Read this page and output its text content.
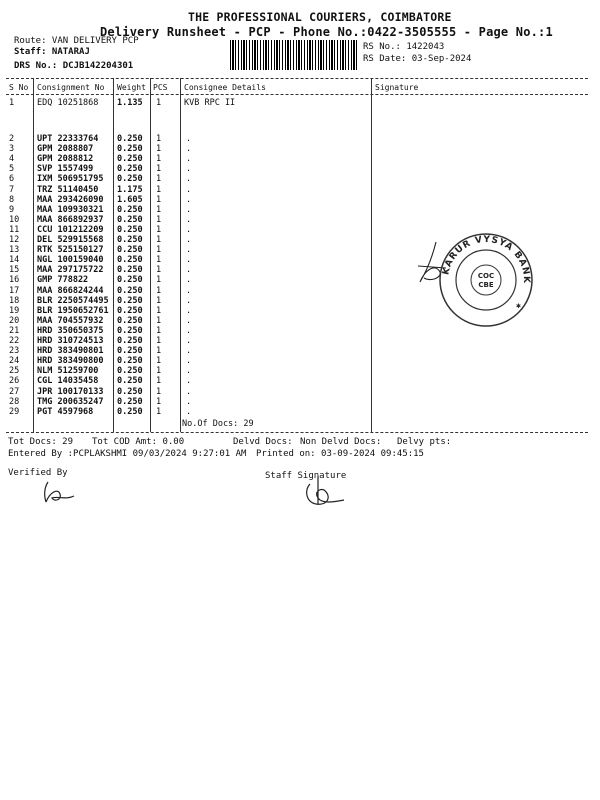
THE PROFESSIONAL COURIERS, COIMBATORE
Delivery Runsheet - PCP - Phone No.:0422-3505555 - Page No.:1
Route: VAN DELIVERY PCP
Staff: NATARAJ
DRS No.: DCJB142204301
RS No.: 1422043
RS Date: 03-Sep-2024
S No Consignment No Weight PCS Consignee Details	Signature
1	EDQ 10251868 1.135 1	KVB RPC II
2	UPT 22333764 0.250 1	.
3	GPM 2088807	0.250 1	.
4	GPM 2088812	0.250 1	.
5	SVP 1557499	0.250 1	.
6	IXM 506951795 0.250 1	.
7	TRZ 51140450 1.175 1	.
8	MAA 293426090 1.605 1	.
9	MAA 109930321 0.250 1	.
10 MAA 866892937 0.250 1	.
11 CCU 101212209 0.250 1	.
12 DEL 529915568 0.250 1	.
13 RTK 525150127 0.250 1	.
14 NGL 100159040 0.250 1	.
15 MAA 297175722 0.250 1	.
16 GMP 778822	0.250 1	.
17 MAA 866824244 0.250 1	.
18 BLR 2250574495 0.250 1	.
19 BLR 1950652761 0.250 1	.
20 MAA 704557932 0.250 1	.
21 HRD 350650375 0.250 1	.
22 HRD 310724513 0.250 1	.
23 HRD 383490801 0.250 1	.
24 HRD 383490800 0.250 1	.
25 NLM 51259700 0.250 1	.
26 CGL 14035458 0.250 1	.
27 JPR 100170133 0.250 1	.
28 TMG 200635247 0.250 1	.
29 PGT 4597968	0.250 1	.
No.Of Docs: 29
Tot Docs: 29 Tot COD Amt: 0.00	Delvd Docs: Non Delvd Docs: Delvy pts:
Entered By :PCPLAKSHMI 09/03/2024 9:27:01 AM Printed on: 03-09-2024 09:45:15
Verified By	Staff Signature
KARUR VYSYA BANK
COC
CBE
✱
